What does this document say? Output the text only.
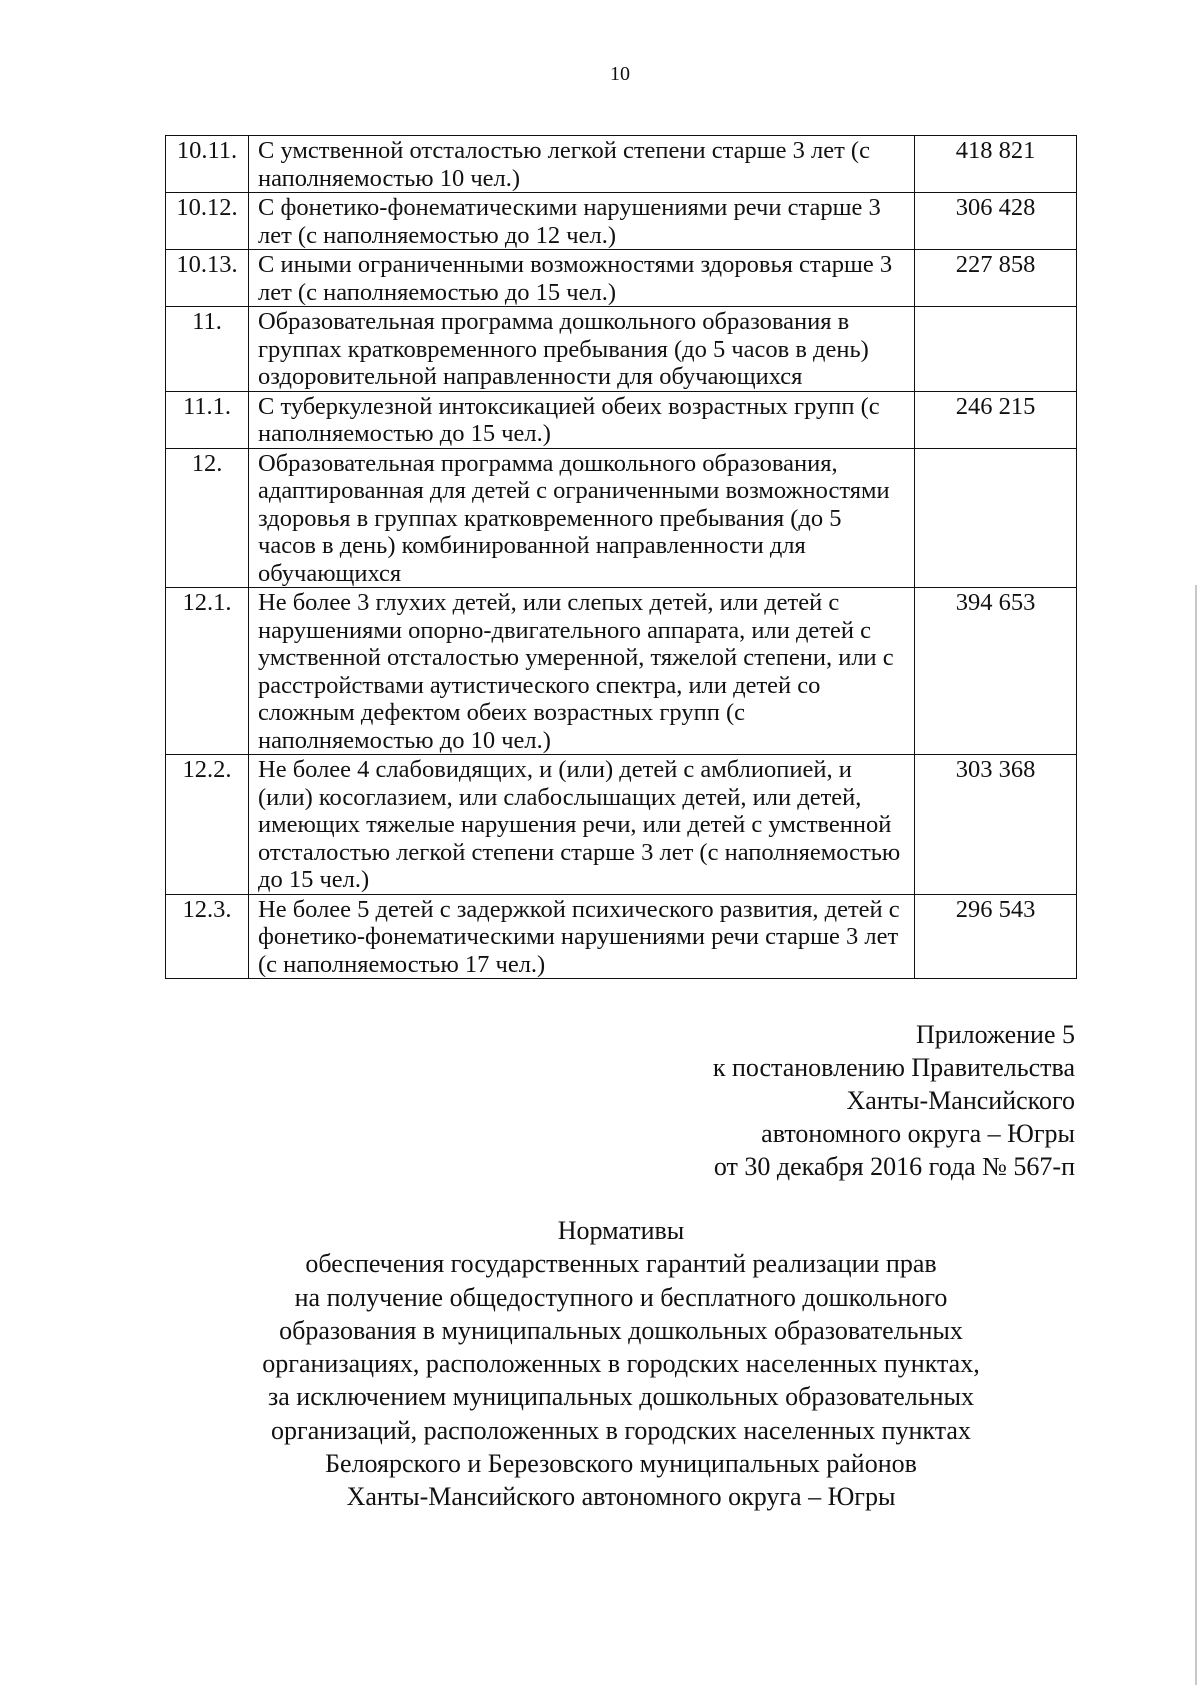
10
10.11.	С умственной отсталостью легкой степени старше 3 лет (с наполняемостью 10 чел.)	418 821
10.12.	С фонетико-фонематическими нарушениями речи старше 3 лет (с наполняемостью до 12 чел.)	306 428
10.13.	С иными ограниченными возможностями здоровья старше 3 лет (с наполняемостью до 15 чел.)	227 858
11.	Образовательная программа дошкольного образования в группах кратковременного пребывания (до 5 часов в день) оздоровительной направленности для обучающихся	
11.1.	С туберкулезной интоксикацией обеих возрастных групп (с наполняемостью до 15 чел.)	246 215
12.	Образовательная программа дошкольного образования, адаптированная для детей с ограниченными возможностями здоровья в группах кратковременного пребывания (до 5 часов в день) комбинированной направленности для обучающихся	
12.1.	Не более 3 глухих детей, или слепых детей, или детей с нарушениями опорно-двигательного аппарата, или детей с умственной отсталостью умеренной, тяжелой степени, или с расстройствами аутистического спектра, или детей со сложным дефектом обеих возрастных групп (с наполняемостью до 10 чел.)	394 653
12.2.	Не более 4 слабовидящих, и (или) детей с амблиопией, и (или) косоглазием, или слабослышащих детей, или детей, имеющих тяжелые нарушения речи, или детей с умственной отсталостью легкой степени старше 3 лет (с наполняемостью до 15 чел.)	303 368
12.3.	Не более 5 детей с задержкой психического развития, детей с фонетико-фонематическими нарушениями речи старше 3 лет (с наполняемостью 17 чел.)	296 543
Приложение 5
к постановлению Правительства
Ханты-Мансийского
автономного округа – Югры
от 30 декабря 2016 года № 567-п
Нормативы
обеспечения государственных гарантий реализации прав
на получение общедоступного и бесплатного дошкольного
образования в муниципальных дошкольных образовательных
организациях, расположенных в городских населенных пунктах,
за исключением муниципальных дошкольных образовательных
организаций, расположенных в городских населенных пунктах
Белоярского и Березовского муниципальных районов
Ханты-Мансийского автономного округа – Югры
